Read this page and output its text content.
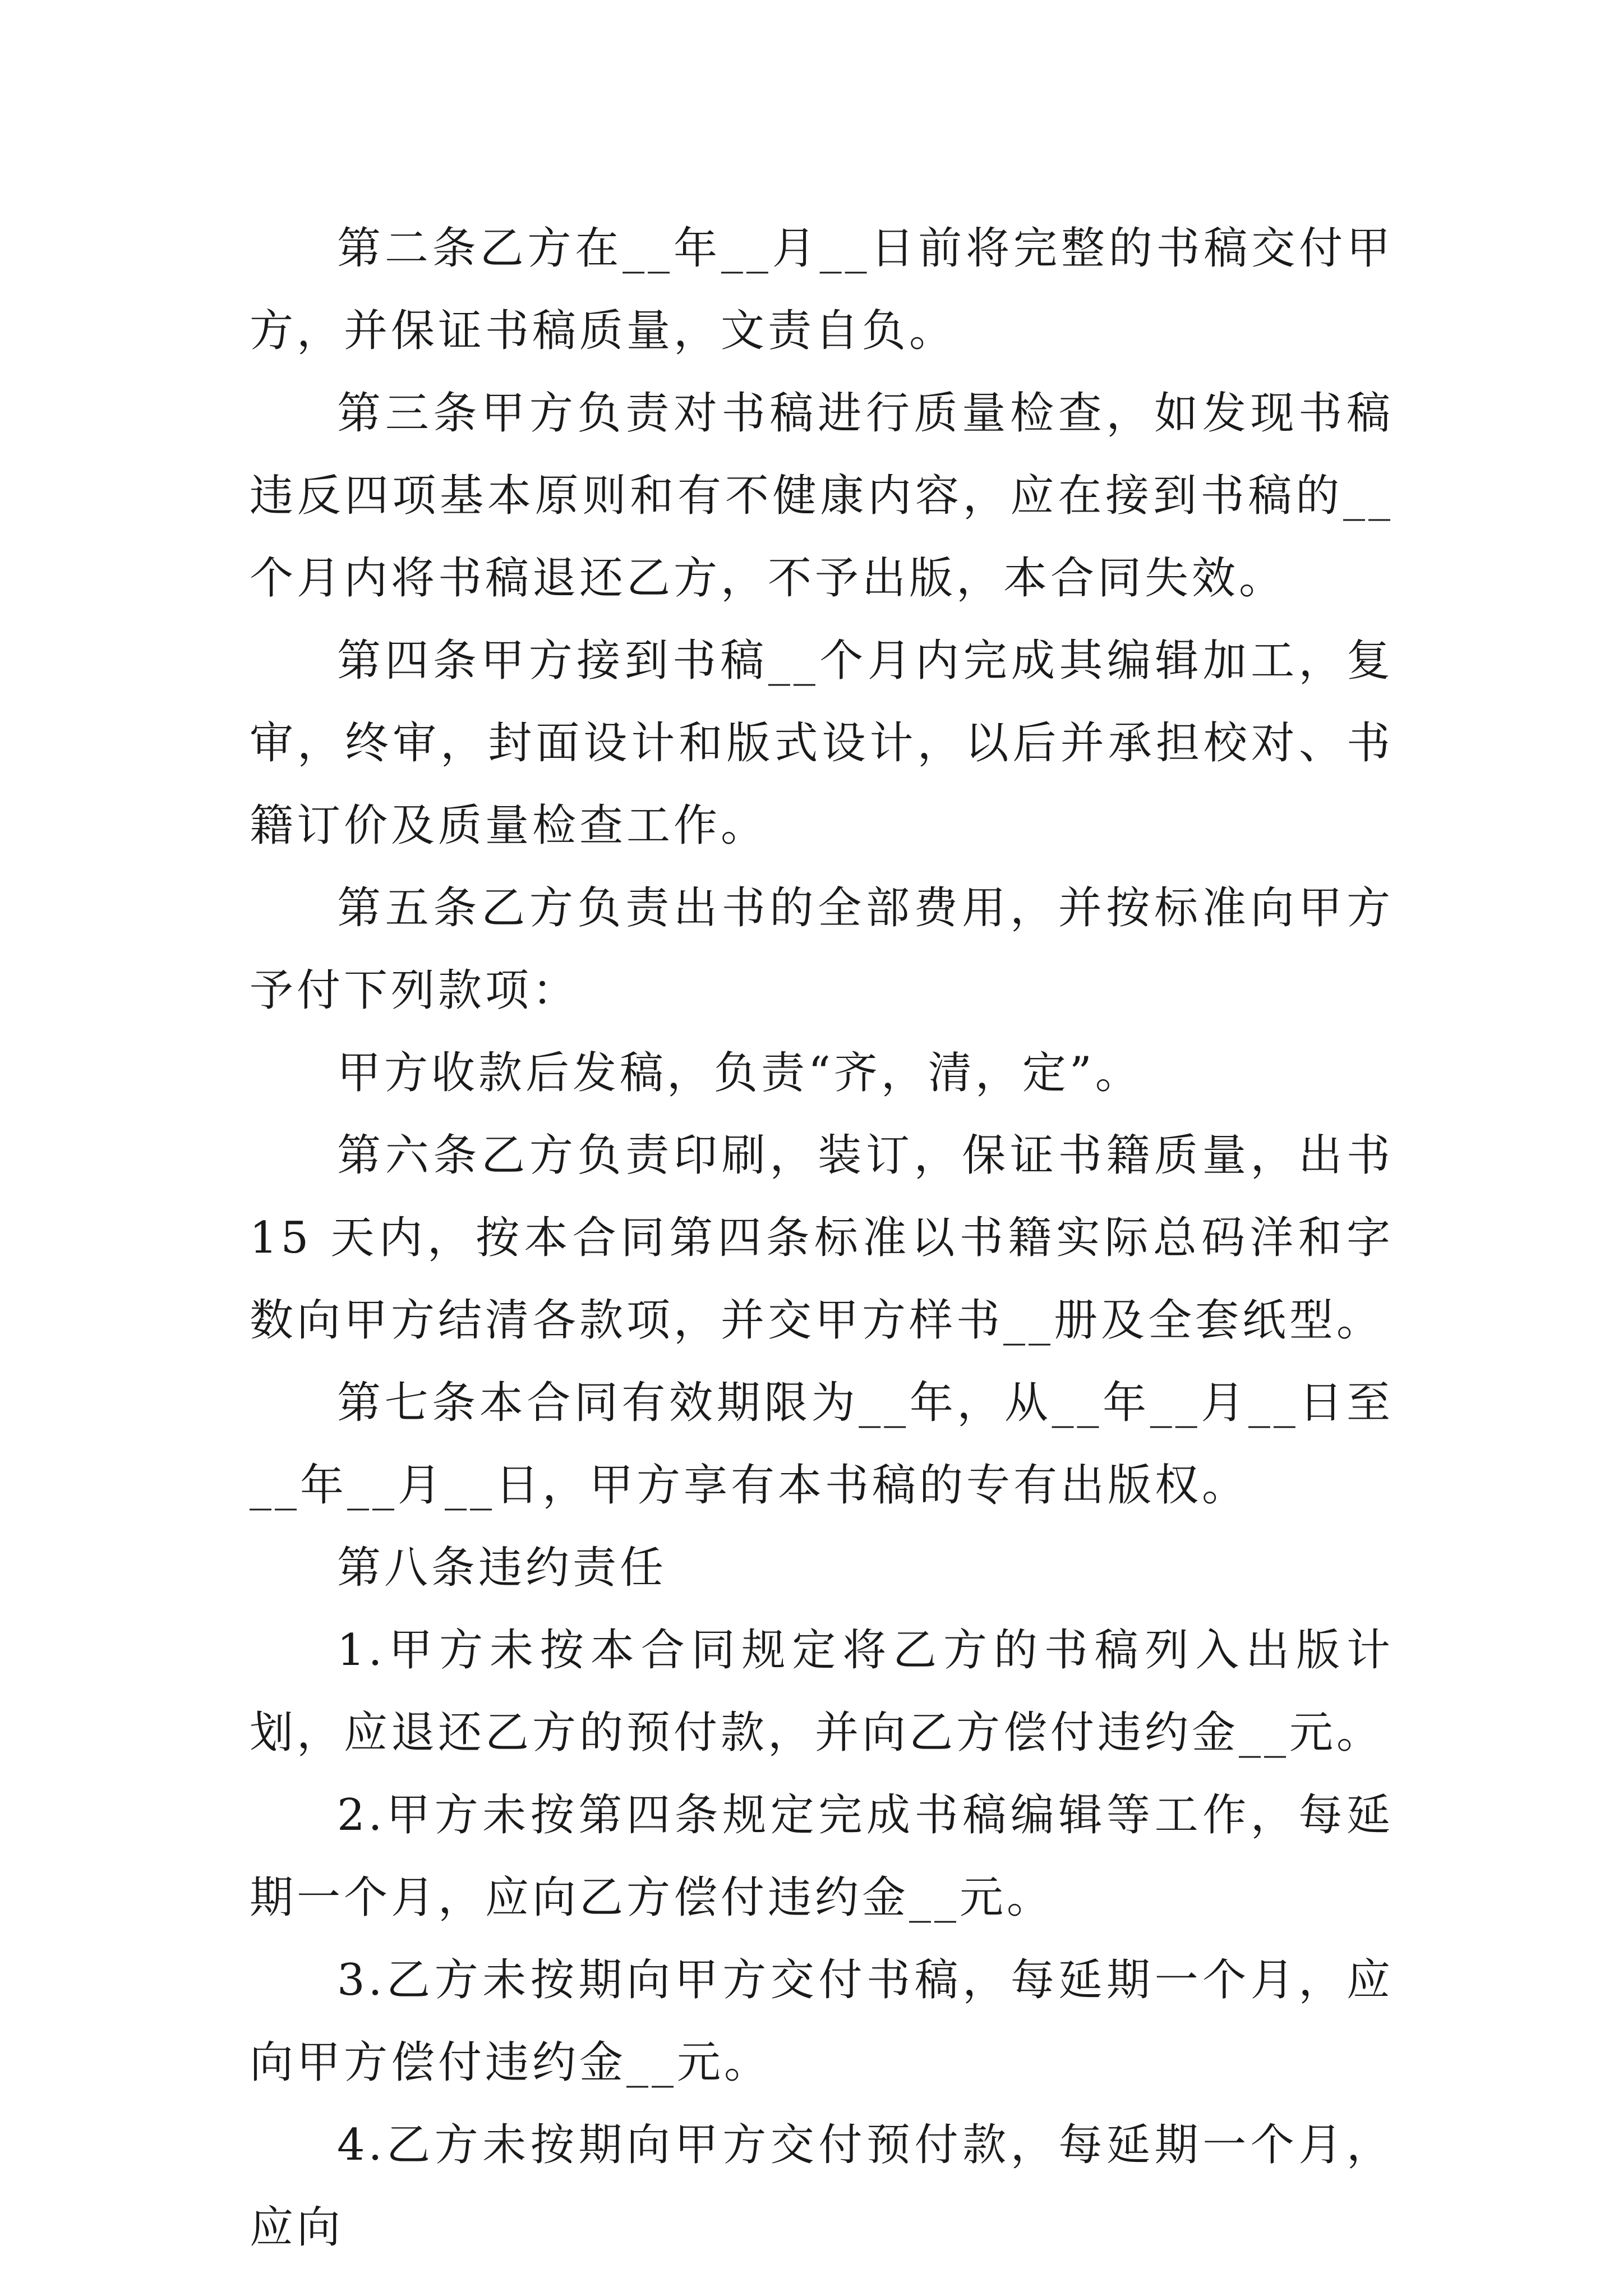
第二条乙方在__年__月__日前将完整的书稿交付甲方，并保证书稿质量，文责自负。

第三条甲方负责对书稿进行质量检查，如发现书稿违反四项基本原则和有不健康内容，应在接到书稿的__个月内将书稿退还乙方，不予出版，本合同失效。

第四条甲方接到书稿__个月内完成其编辑加工，复审，终审，封面设计和版式设计，以后并承担校对、书籍订价及质量检查工作。

第五条乙方负责出书的全部费用，并按标准向甲方予付下列款项：

甲方收款后发稿，负责“齐，清，定”。

第六条乙方负责印刷，装订，保证书籍质量，出书 15 天内，按本合同第四条标准以书籍实际总码洋和字数向甲方结清各款项，并交甲方样书__册及全套纸型。

第七条本合同有效期限为__年，从__年__月__日至__年__月__日，甲方享有本书稿的专有出版权。

第八条违约责任

1.甲方未按本合同规定将乙方的书稿列入出版计划，应退还乙方的预付款，并向乙方偿付违约金__元。

2.甲方未按第四条规定完成书稿编辑等工作，每延期一个月，应向乙方偿付违约金__元。

3.乙方未按期向甲方交付书稿，每延期一个月，应向甲方偿付违约金__元。

4.乙方未按期向甲方交付预付款，每延期一个月，应向
